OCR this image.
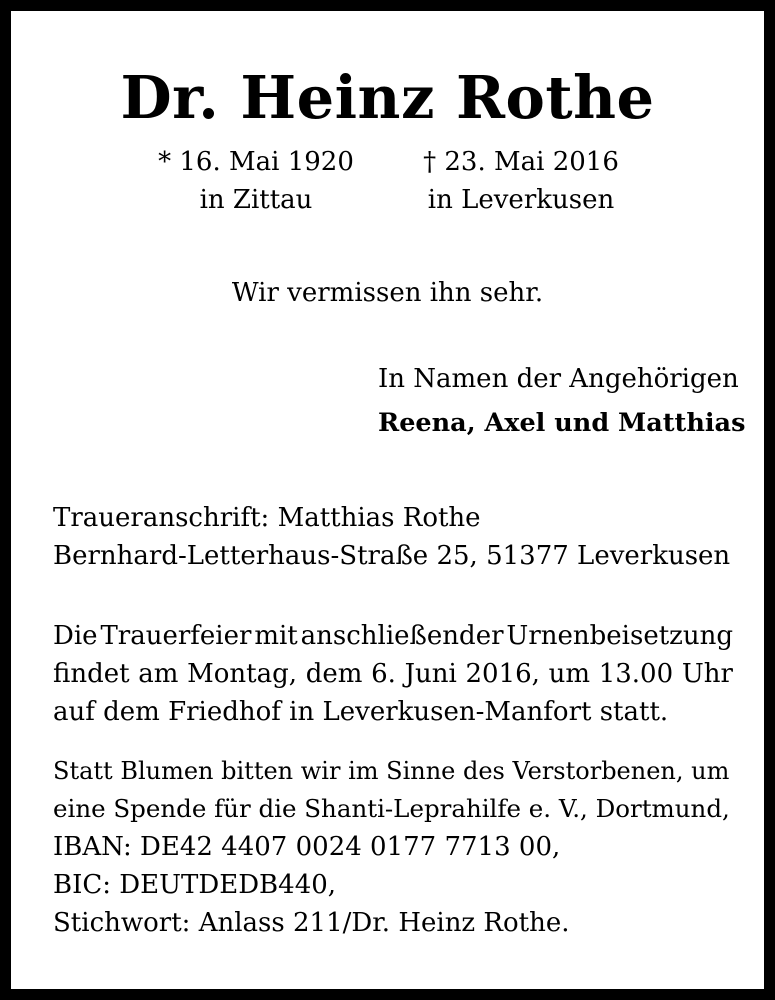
Dr. Heinz Rothe
* 16. Mai 1920
in Zittau
† 23. Mai 2016
in Leverkusen
Wir vermissen ihn sehr.
In Namen der Angehörigen
Reena, Axel und Matthias
Traueranschrift: Matthias Rothe
Bernhard-Letterhaus-Straße 25, 51377 Leverkusen
Die Trauerfeier mit anschließender Urnenbeisetzung
findet am Montag, dem 6. Juni 2016, um 13.00 Uhr
auf dem Friedhof in Leverkusen-Manfort statt.
Statt Blumen bitten wir im Sinne des Verstorbenen, um
eine Spende für die Shanti-Leprahilfe e. V., Dortmund,
IBAN: DE42 4407 0024 0177 7713 00,
BIC: DEUTDEDB440,
Stichwort: Anlass 211/Dr. Heinz Rothe.
